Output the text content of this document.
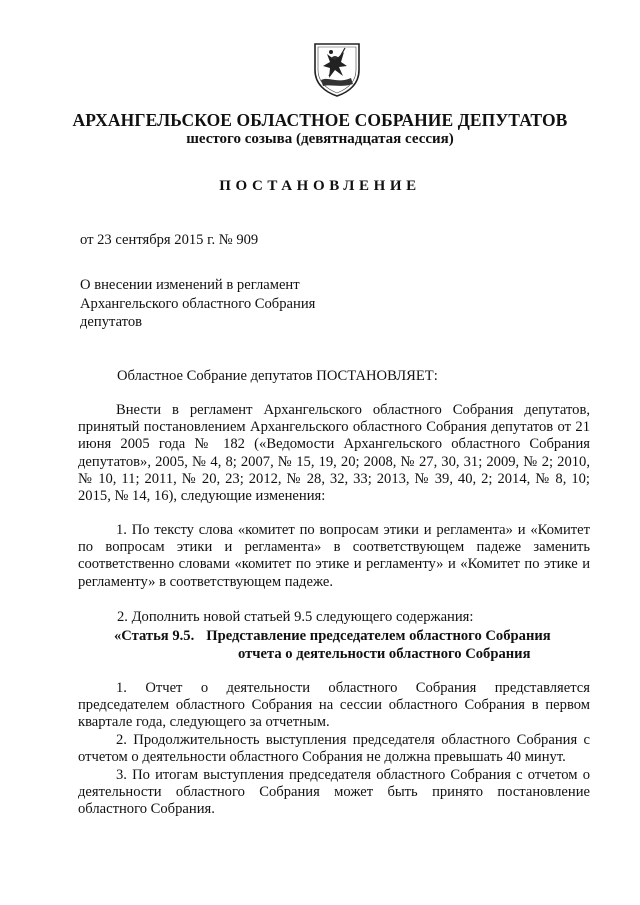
АРХАНГЕЛЬСКОЕ ОБЛАСТНОЕ СОБРАНИЕ ДЕПУТАТОВ
шестого созыва (девятнадцатая сессия)
ПОСТАНОВЛЕНИЕ
от 23 сентября 2015 г. № 909
О внесении изменений в регламент
Архангельского областного Собрания
депутатов
Областное Собрание депутатов ПОСТАНОВЛЯЕТ:

Внести в регламент Архангельского областного Собрания депутатов, принятый постановлением Архангельского областного Собрания депутатов от 21 июня 2005 года № 182 («Ведомости Архангельского областного Собрания депутатов», 2005, № 4, 8; 2007, № 15, 19, 20; 2008, № 27, 30, 31; 2009, № 2; 2010, № 10, 11; 2011, № 20, 23; 2012, № 28, 32, 33; 2013, № 39, 40, 2; 2014, № 8, 10; 2015, № 14, 16), следующие изменения:

1. По тексту слова «комитет по вопросам этики и регламента» и «Комитет по вопросам этики и регламента» в соответствующем падеже заменить соответственно словами «комитет по этике и регламенту» и «Комитет по этике и регламенту» в соответствующем падеже.

2. Дополнить новой статьей 9.5 следующего содержания:
«Статья 9.5. Представление председателем областного Собрания
отчета о деятельности областного Собрания

1. Отчет о деятельности областного Собрания представляется председателем областного Собрания на сессии областного Собрания в первом квартале года, следующего за отчетным.

2. Продолжительность выступления председателя областного Собрания с отчетом о деятельности областного Собрания не должна превышать 40 минут.

3. По итогам выступления председателя областного Собрания с отчетом о деятельности областного Собрания может быть принято постановление областного Собрания.
